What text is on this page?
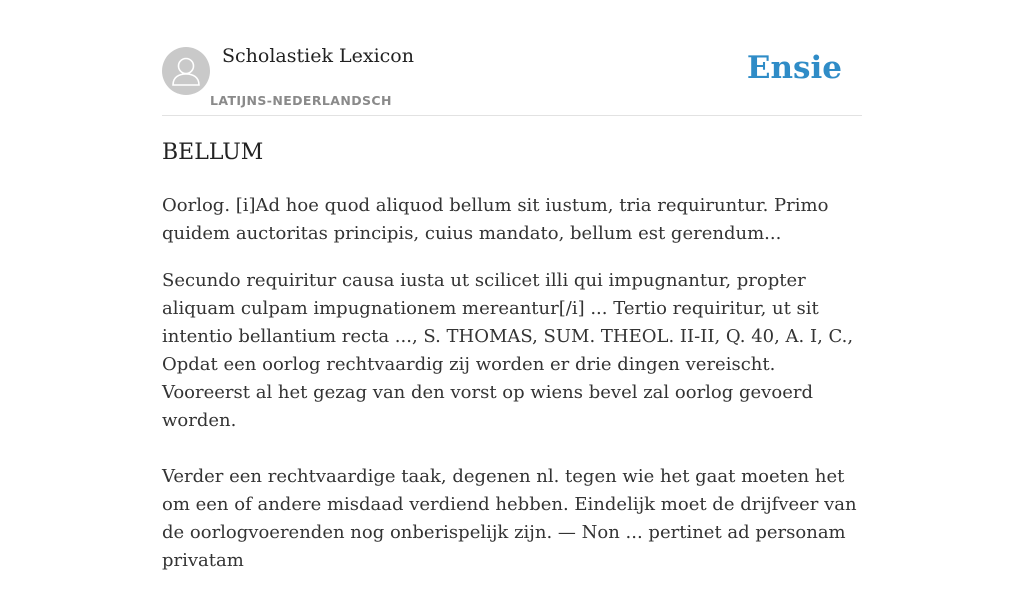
Scholastiek Lexicon
LATIJNS-NEDERLANDSCH
Ensie
BELLUM

Oorlog. [i]Ad hoe quod aliquod bellum sit iustum, tria requiruntur. Primo quidem auctoritas principis, cuius mandato, bellum est gerendum...

Secundo requiritur causa iusta ut scilicet illi qui impugnantur, propter aliquam culpam impugnationem mereantur[/i] ... Tertio requiritur, ut sit intentio bellantium recta ..., S. THOMAS, SUM. THEOL. II-II, Q. 40, A. I, C., Opdat een oorlog rechtvaardig zij worden er drie dingen vereischt. Vooreerst al het gezag van den vorst op wiens bevel zal oorlog gevoerd worden.

Verder een rechtvaardige taak, degenen nl. tegen wie het gaat moeten het om een of andere misdaad verdiend hebben. Eindelijk moet de drijfveer van de oorlogvoerenden nog onberispelijk zijn. — Non ... pertinet ad personam privatam
